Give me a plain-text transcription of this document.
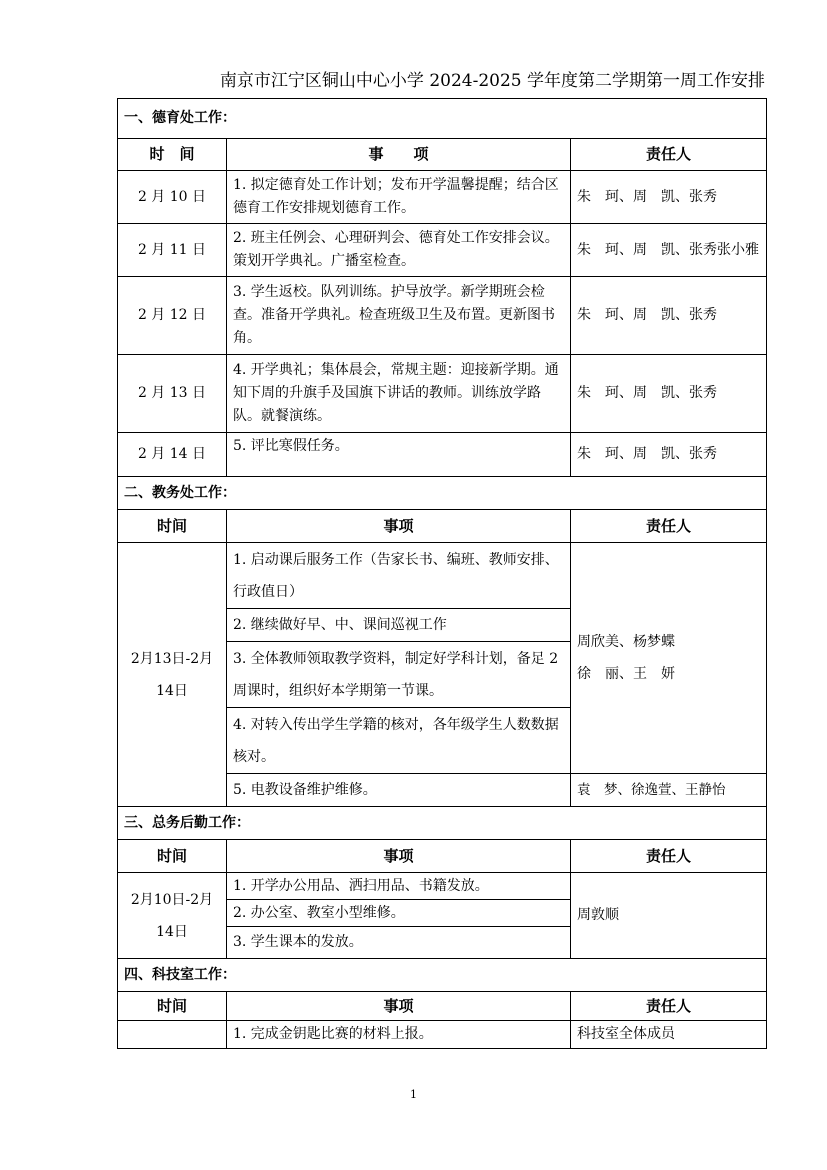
南京市江宁区铜山中心小学 2024-2025 学年度第二学期第一周工作安排
一、德育处工作：		
时　间	事　　项	责任人
2 月 10 日	1. 拟定德育处工作计划；发布开学温馨提醒；结合区德育工作安排规划德育工作。	朱　珂、周　凯、张秀
2 月 11 日	2. 班主任例会、心理研判会、德育处工作安排会议。策划开学典礼。广播室检查。	朱　珂、周　凯、张秀张小雅
2 月 12 日	3. 学生返校。队列训练。护导放学。新学期班会检查。准备开学典礼。检查班级卫生及布置。更新图书角。	朱　珂、周　凯、张秀
2 月 13 日	4. 开学典礼；集体晨会，常规主题：迎接新学期。通知下周的升旗手及国旗下讲话的教师。训练放学路队。就餐演练。	朱　珂、周　凯、张秀
2 月 14 日	5. 评比寒假任务。	朱　珂、周　凯、张秀
二、教务处工作：		
时间	事项	责任人
2月13日-2月14日	1. 启动课后服务工作（告家长书、编班、教师安排、行政值日）	周欣美、杨梦蝶
徐　丽、王　妍

	2. 继续做好早、中、课间巡视工作	
	3. 全体教师领取教学资料，制定好学科计划，备足 2 周课时，组织好本学期第一节课。	
	4. 对转入传出学生学籍的核对，各年级学生人数数据核对。	
	5. 电教设备维护维修。	袁　梦、徐逸萱、王静怡
三、总务后勤工作：		
时间	事项	责任人
2月10日-2月14日	1. 开学办公用品、洒扫用品、书籍发放。	周敦顺
	2. 办公室、教室小型维修。	
	3. 学生课本的发放。	
四、科技室工作：		
时间	事项	责任人
	1. 完成金钥匙比赛的材料上报。	科技室全体成员
1
